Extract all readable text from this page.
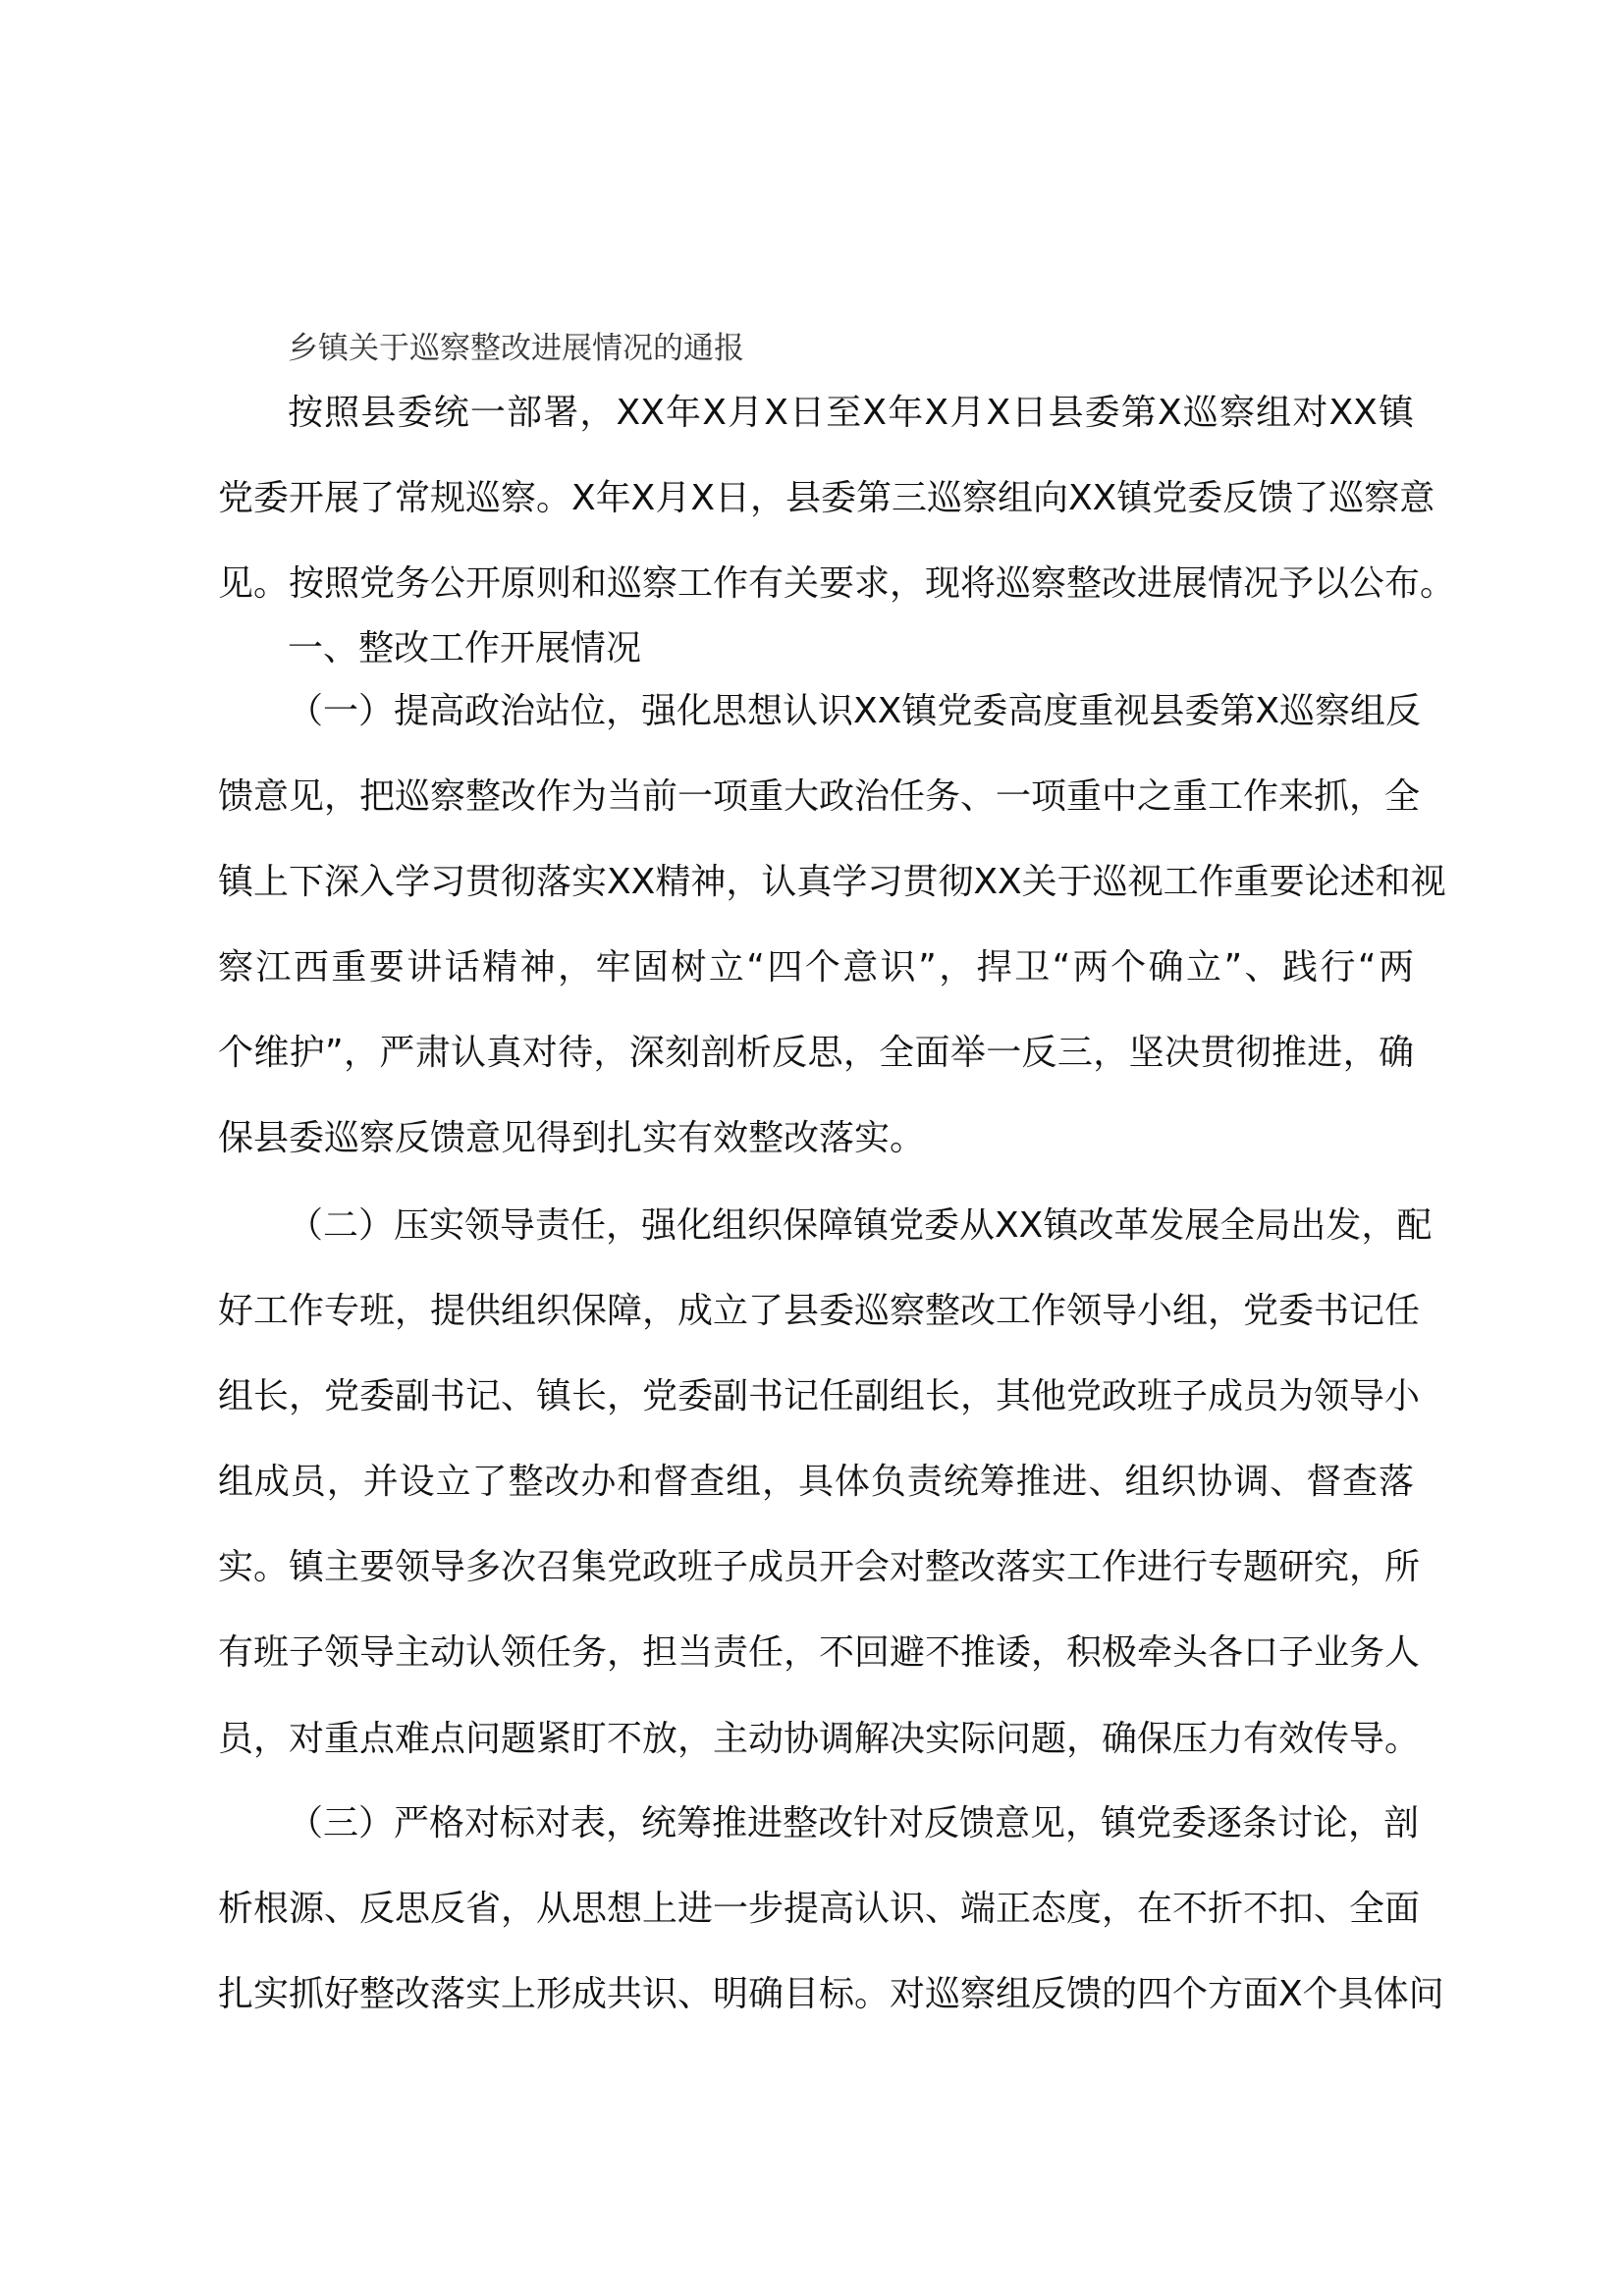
乡镇关于巡察整改进展情况的通报
按照县委统一部署，XX年X月X日至X年X月X日县委第X巡察组对XX镇
党委开展了常规巡察。X年X月X日，县委第三巡察组向XX镇党委反馈了巡察意
见。按照党务公开原则和巡察工作有关要求，现将巡察整改进展情况予以公布。
一、整改工作开展情况
（一）提高政治站位，强化思想认识XX镇党委高度重视县委第X巡察组反
馈意见，把巡察整改作为当前一项重大政治任务、一项重中之重工作来抓，全
镇上下深入学习贯彻落实XX精神，认真学习贯彻XX关于巡视工作重要论述和视
察江西重要讲话精神，牢固树立“四个意识”，捍卫“两个确立”、践行“两
个维护”，严肃认真对待，深刻剖析反思，全面举一反三，坚决贯彻推进，确
保县委巡察反馈意见得到扎实有效整改落实。
（二）压实领导责任，强化组织保障镇党委从XX镇改革发展全局出发，配
好工作专班，提供组织保障，成立了县委巡察整改工作领导小组，党委书记任
组长，党委副书记、镇长，党委副书记任副组长，其他党政班子成员为领导小
组成员，并设立了整改办和督查组，具体负责统筹推进、组织协调、督查落
实。镇主要领导多次召集党政班子成员开会对整改落实工作进行专题研究，所
有班子领导主动认领任务，担当责任，不回避不推诿，积极牵头各口子业务人
员，对重点难点问题紧盯不放，主动协调解决实际问题，确保压力有效传导。
（三）严格对标对表，统筹推进整改针对反馈意见，镇党委逐条讨论，剖
析根源、反思反省，从思想上进一步提高认识、端正态度，在不折不扣、全面
扎实抓好整改落实上形成共识、明确目标。对巡察组反馈的四个方面X个具体问
